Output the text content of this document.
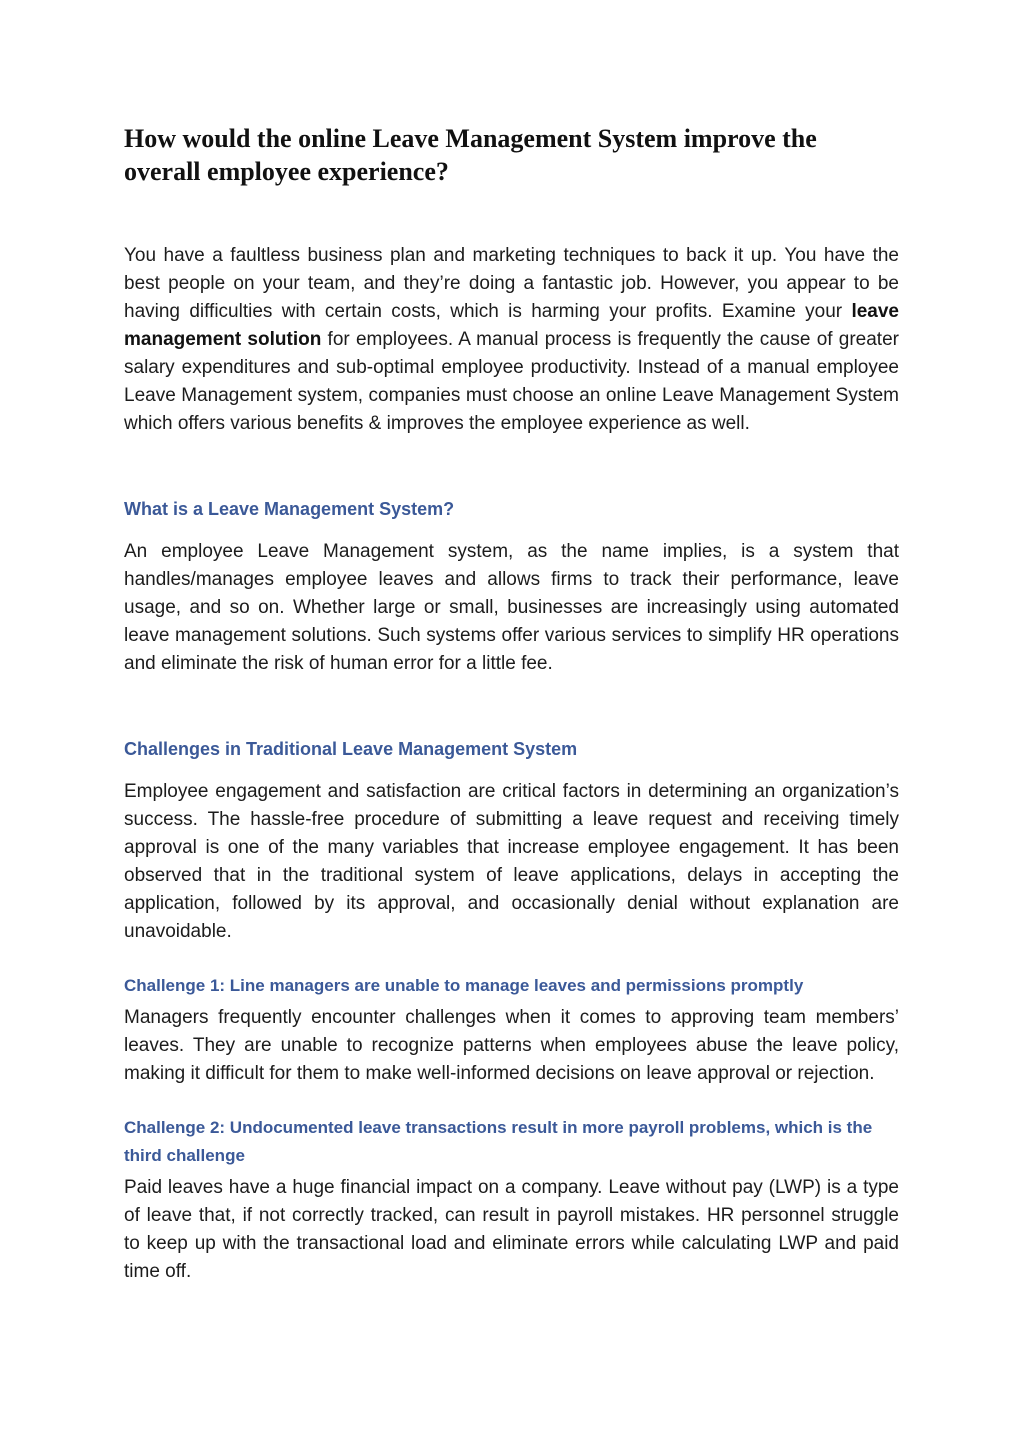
How would the online Leave Management System improve the overall employee experience?

You have a faultless business plan and marketing techniques to back it up. You have the best people on your team, and they’re doing a fantastic job. However, you appear to be having difficulties with certain costs, which is harming your profits. Examine your leave management solution for employees. A manual process is frequently the cause of greater salary expenditures and sub-optimal employee productivity. Instead of a manual employee Leave Management system, companies must choose an online Leave Management System which offers various benefits & improves the employee experience as well.

What is a Leave Management System?

An employee Leave Management system, as the name implies, is a system that handles/manages employee leaves and allows firms to track their performance, leave usage, and so on. Whether large or small, businesses are increasingly using automated leave management solutions. Such systems offer various services to simplify HR operations and eliminate the risk of human error for a little fee.

Challenges in Traditional Leave Management System

Employee engagement and satisfaction are critical factors in determining an organization’s success. The hassle-free procedure of submitting a leave request and receiving timely approval is one of the many variables that increase employee engagement. It has been observed that in the traditional system of leave applications, delays in accepting the application, followed by its approval, and occasionally denial without explanation are unavoidable.

Challenge 1: Line managers are unable to manage leaves and permissions promptly

Managers frequently encounter challenges when it comes to approving team members’ leaves. They are unable to recognize patterns when employees abuse the leave policy, making it difficult for them to make well-informed decisions on leave approval or rejection.

Challenge 2: Undocumented leave transactions result in more payroll problems, which is the third challenge

Paid leaves have a huge financial impact on a company. Leave without pay (LWP) is a type of leave that, if not correctly tracked, can result in payroll mistakes. HR personnel struggle to keep up with the transactional load and eliminate errors while calculating LWP and paid time off.
